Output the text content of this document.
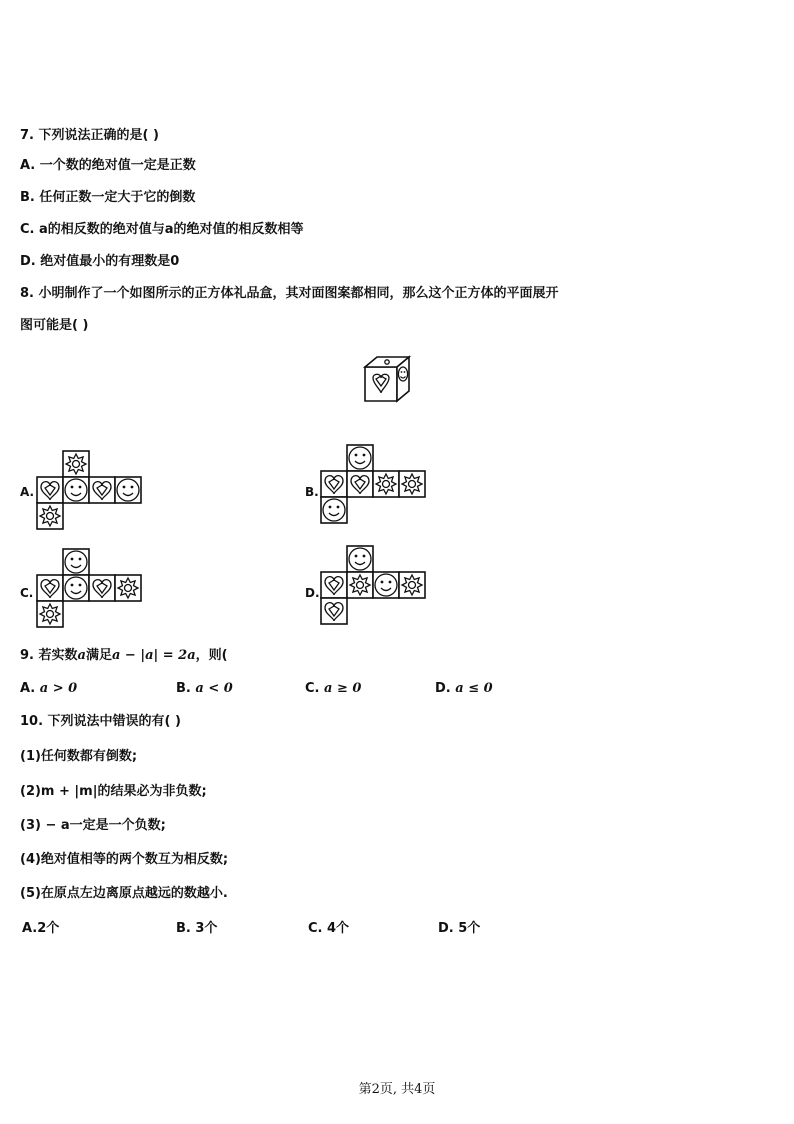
7. 下列说法正确的是( )
A. 一个数的绝对值一定是正数
B. 任何正数一定大于它的倒数
C. a的相反数的绝对值与a的绝对值的相反数相等
D. 绝对值最小的有理数是0
8. 小明制作了一个如图所示的正方体礼品盒，其对面图案都相同，那么这个正方体的平面展开
图可能是( )
A.	B.
C.	D.
9. 若实数a满足a − |a| = 2a，则(
A. a > 0	B. a < 0	C. a ≥ 0	D. a ≤ 0
10. 下列说法中错误的有( )
(1)任何数都有倒数;
(2)m + |m|的结果必为非负数;
(3) − a一定是一个负数;
(4)绝对值相等的两个数互为相反数;
(5)在原点左边离原点越远的数越小.
A.2个	B. 3个	C. 4个	D. 5个
第2页, 共4页
